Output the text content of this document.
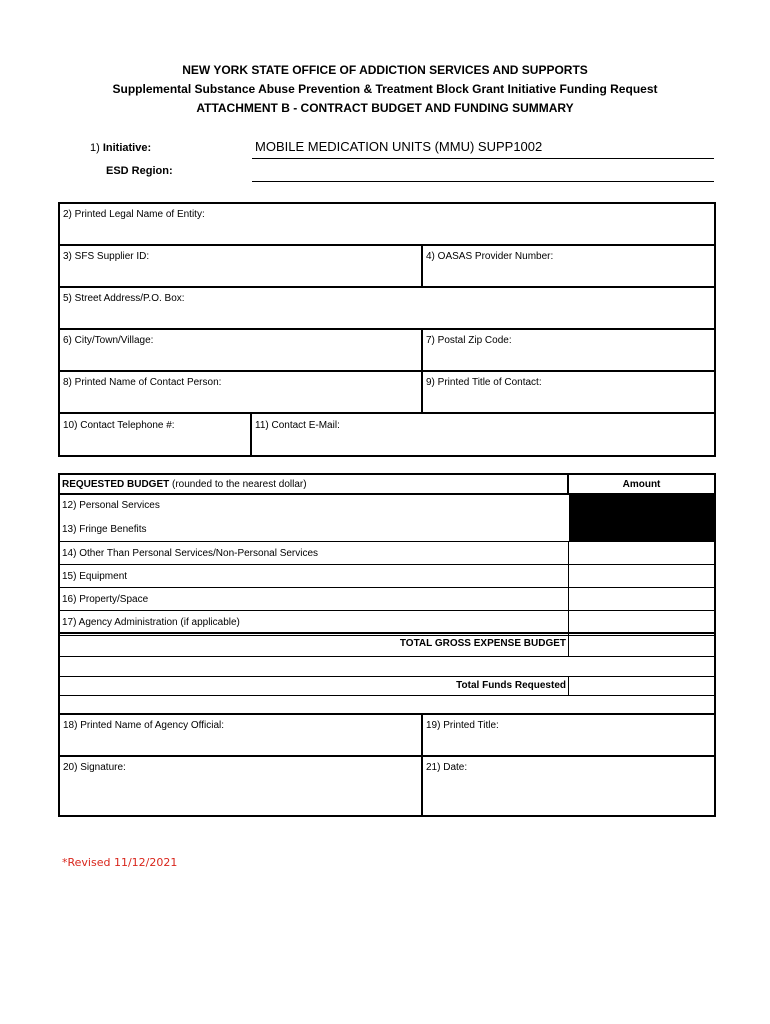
NEW YORK STATE OFFICE OF ADDICTION SERVICES AND SUPPORTS
Supplemental Substance Abuse Prevention & Treatment Block Grant Initiative Funding Request
ATTACHMENT B - CONTRACT BUDGET AND FUNDING SUMMARY
1) Initiative:	MOBILE MEDICATION UNITS (MMU) SUPP1002
ESD Region:
2) Printed Legal Name of Entity:
3) SFS Supplier ID:	4) OASAS Provider Number:
5) Street Address/P.O. Box:
6) City/Town/Village:	7) Postal Zip Code:
8) Printed Name of Contact Person:	9) Printed Title of Contact:
10) Contact Telephone #:	11) Contact E-Mail:
REQUESTED BUDGET (rounded to the nearest dollar)	Amount
12) Personal Services
13) Fringe Benefits
14) Other Than Personal Services/Non-Personal Services
15) Equipment
16) Property/Space
17) Agency Administration (if applicable)
TOTAL GROSS EXPENSE BUDGET
Total Funds Requested
18) Printed Name of Agency Official:	19) Printed Title:
20) Signature:	21) Date:
*Revised 11/12/2021
